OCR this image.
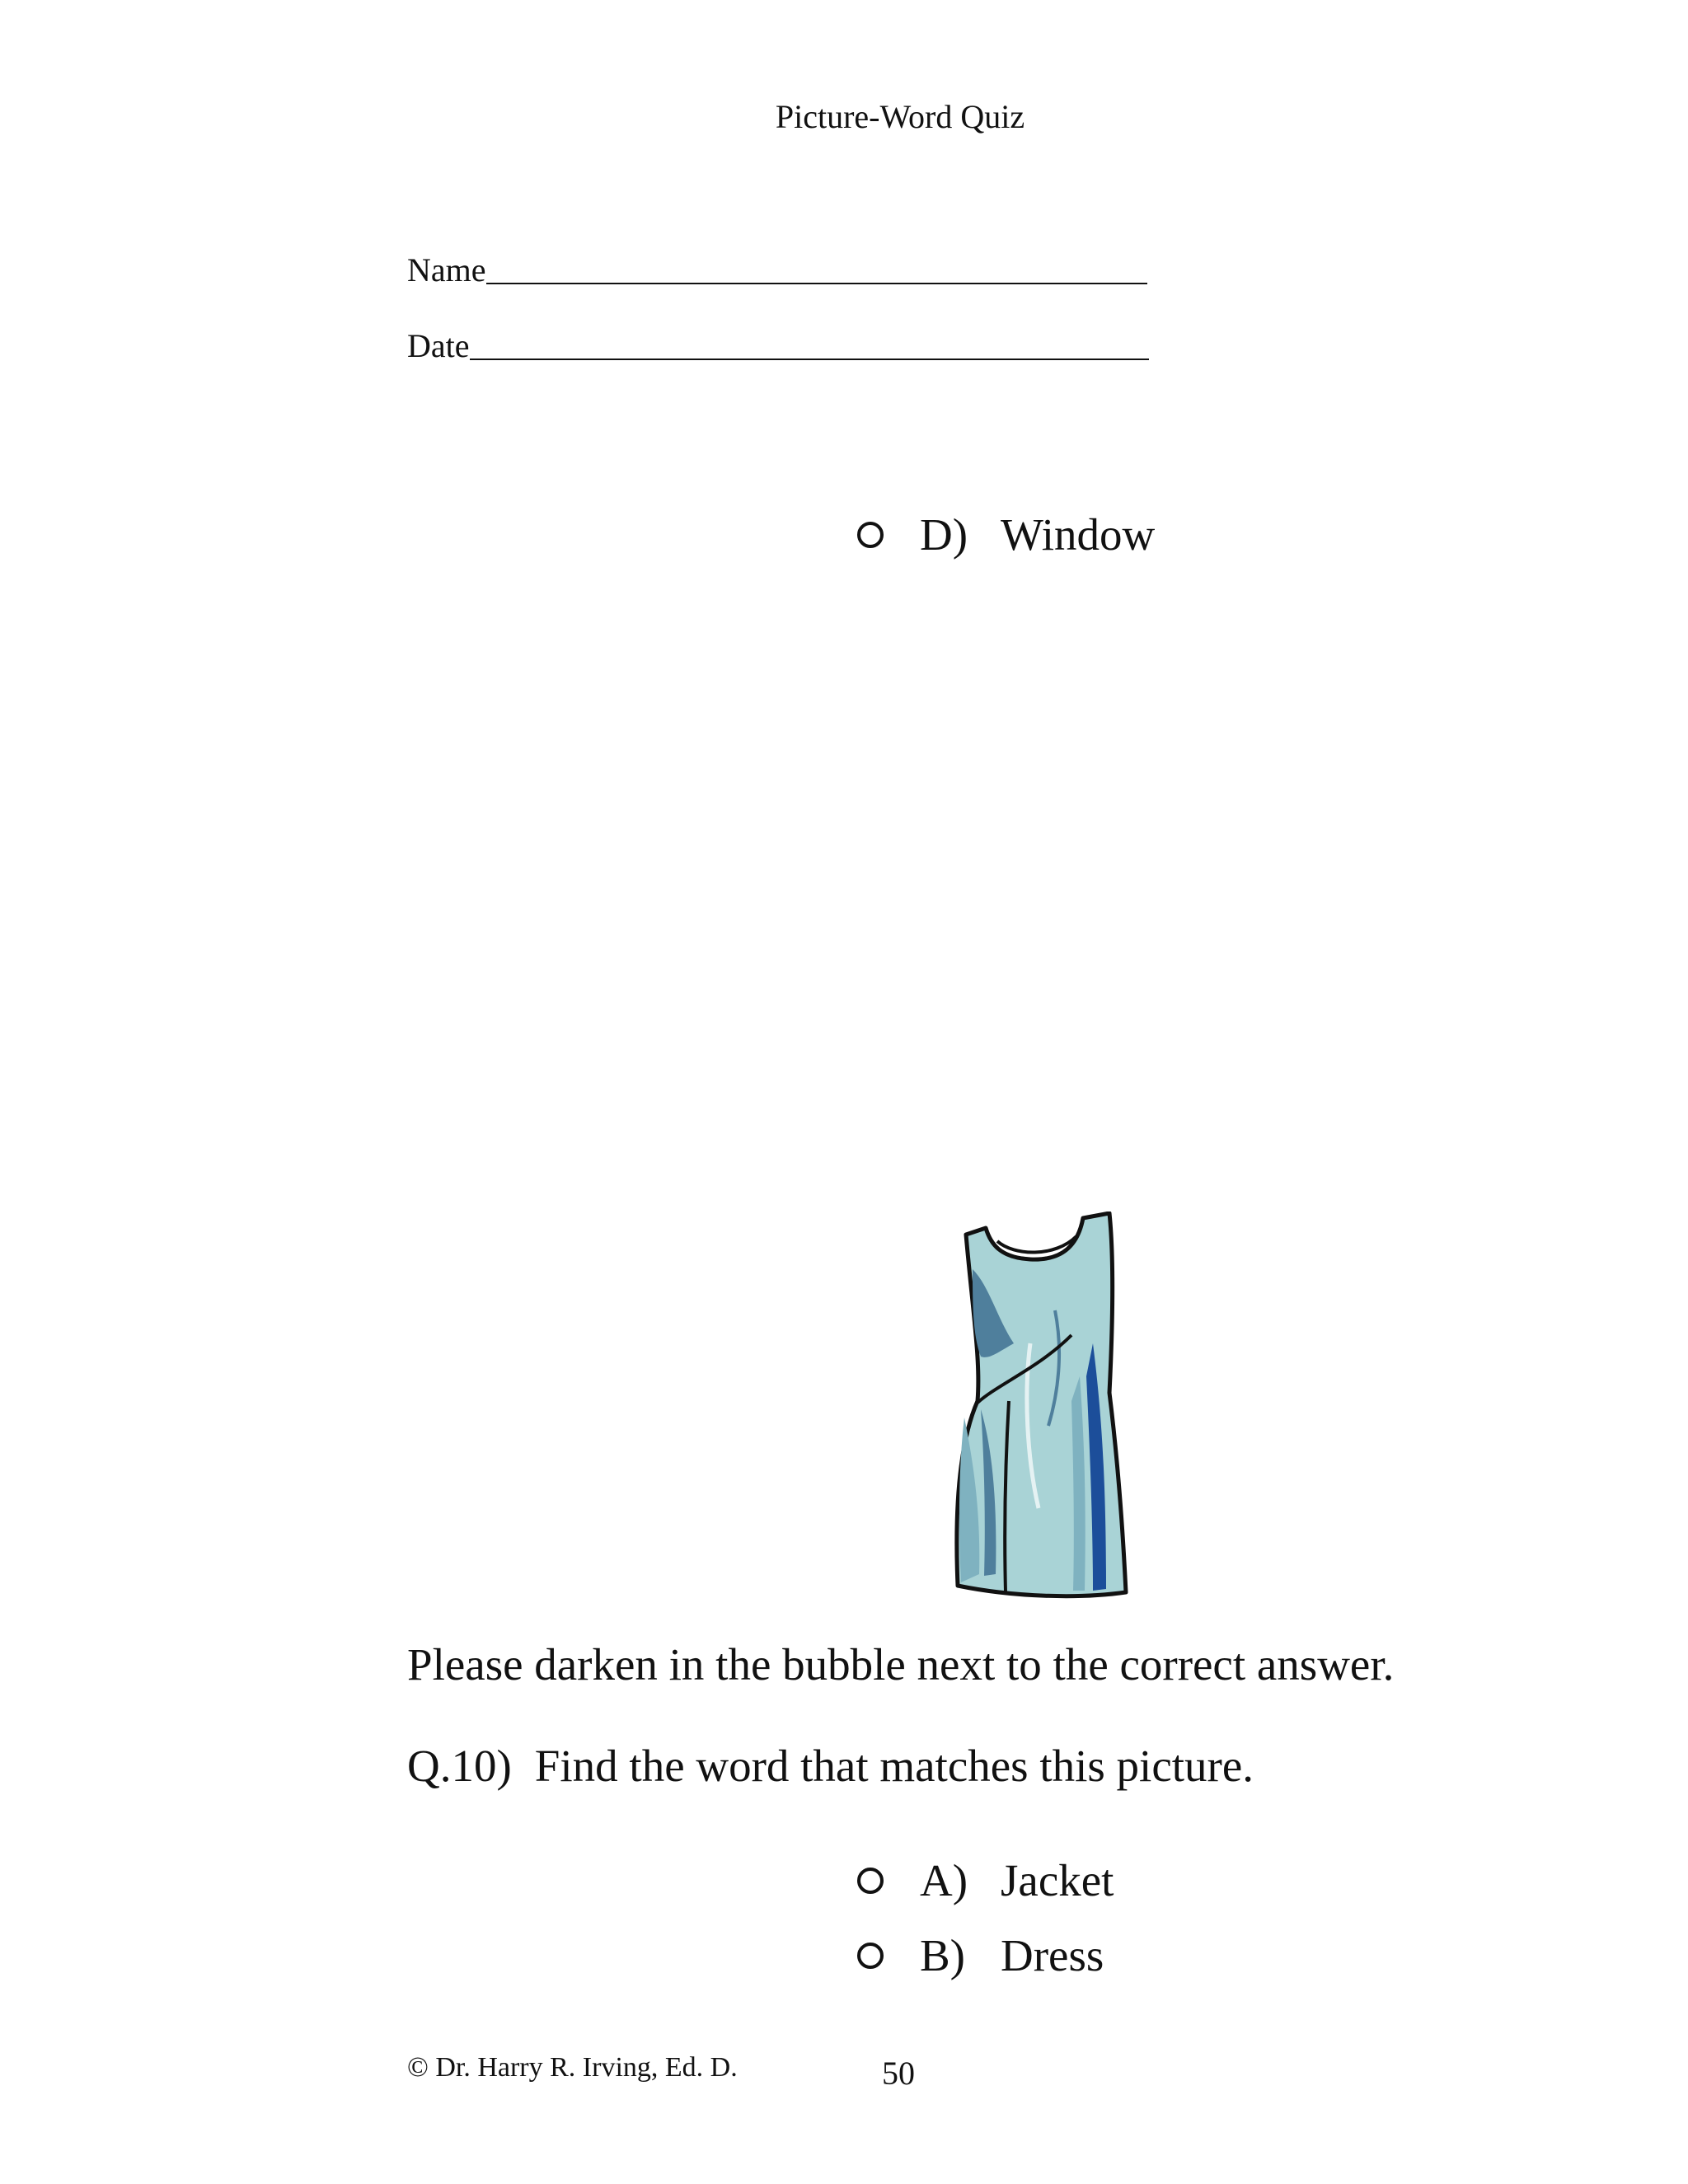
Picture-Word Quiz
Name
Date
D) Window
Please darken in the bubble next to the correct answer.
Q.10) Find the word that matches this picture.
A) Jacket
B) Dress
© Dr. Harry R. Irving, Ed. D.	50
